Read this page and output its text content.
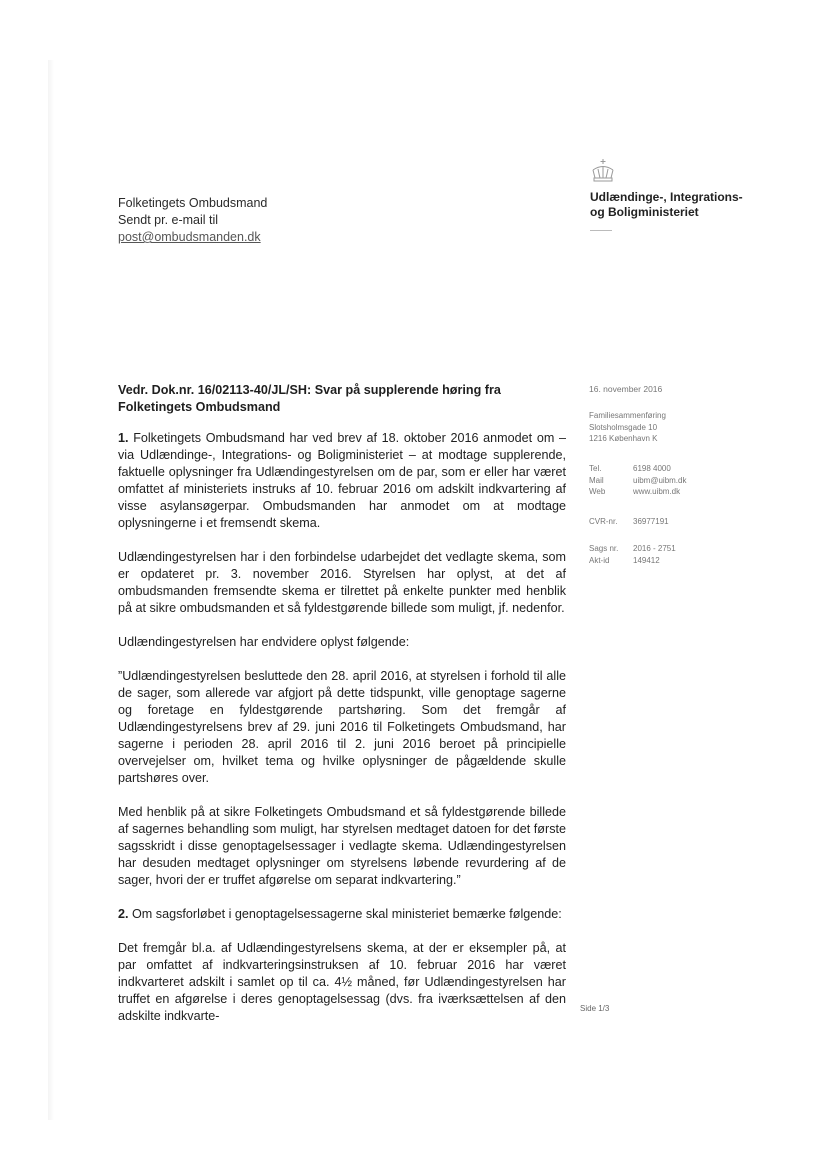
Folketingets Ombudsmand
Sendt pr. e-mail til
post@ombudsmanden.dk
Udlændinge-, Integrations-
og Boligministeriet
16. november 2016
Familiesammenføring
Slotsholmsgade 10
1216 København K
Tel.	6198 4000
Mail	uibm@uibm.dk
Web	www.uibm.dk
CVR-nr.	36977191
Sags nr.	2016 - 2751
Akt-id	149412
Side 1/3
Vedr. Dok.nr. 16/02113-40/JL/SH: Svar på supplerende høring fra Folketingets Ombudsmand

1. Folketingets Ombudsmand har ved brev af 18. oktober 2016 anmodet om – via Udlændinge-, Integrations- og Boligministeriet – at modtage supplerende, faktuelle oplysninger fra Udlændingestyrelsen om de par, som er eller har været omfattet af ministeriets instruks af 10. februar 2016 om adskilt indkvartering af visse asylansøgerpar. Ombudsmanden har anmodet om at modtage oplysningerne i et fremsendt skema.

Udlændingestyrelsen har i den forbindelse udarbejdet det vedlagte skema, som er opdateret pr. 3. november 2016. Styrelsen har oplyst, at det af ombudsmanden fremsendte skema er tilrettet på enkelte punkter med henblik på at sikre ombudsmanden et så fyldestgørende billede som muligt, jf. nedenfor.

Udlændingestyrelsen har endvidere oplyst følgende:

”Udlændingestyrelsen besluttede den 28. april 2016, at styrelsen i forhold til alle de sager, som allerede var afgjort på dette tidspunkt, ville genoptage sagerne og foretage en fyldestgørende partshøring. Som det fremgår af Udlændingestyrelsens brev af 29. juni 2016 til Folketingets Ombudsmand, har sagerne i perioden 28. april 2016 til 2. juni 2016 beroet på principielle overvejelser om, hvilket tema og hvilke oplysninger de pågældende skulle partshøres over.

Med henblik på at sikre Folketingets Ombudsmand et så fyldestgørende billede af sagernes behandling som muligt, har styrelsen medtaget datoen for det første sagsskridt i disse genoptagelsessager i vedlagte skema. Udlændingestyrelsen har desuden medtaget oplysninger om styrelsens løbende revurdering af de sager, hvori der er truffet afgørelse om separat indkvartering.”

2. Om sagsforløbet i genoptagelsessagerne skal ministeriet bemærke følgende:

Det fremgår bl.a. af Udlændingestyrelsens skema, at der er eksempler på, at par omfattet af indkvarteringsinstruksen af 10. februar 2016 har været indkvarteret adskilt i samlet op til ca. 4½ måned, før Udlændingestyrelsen har truffet en afgørelse i deres genoptagelsessag (dvs. fra iværksættelsen af den adskilte indkvarte-
